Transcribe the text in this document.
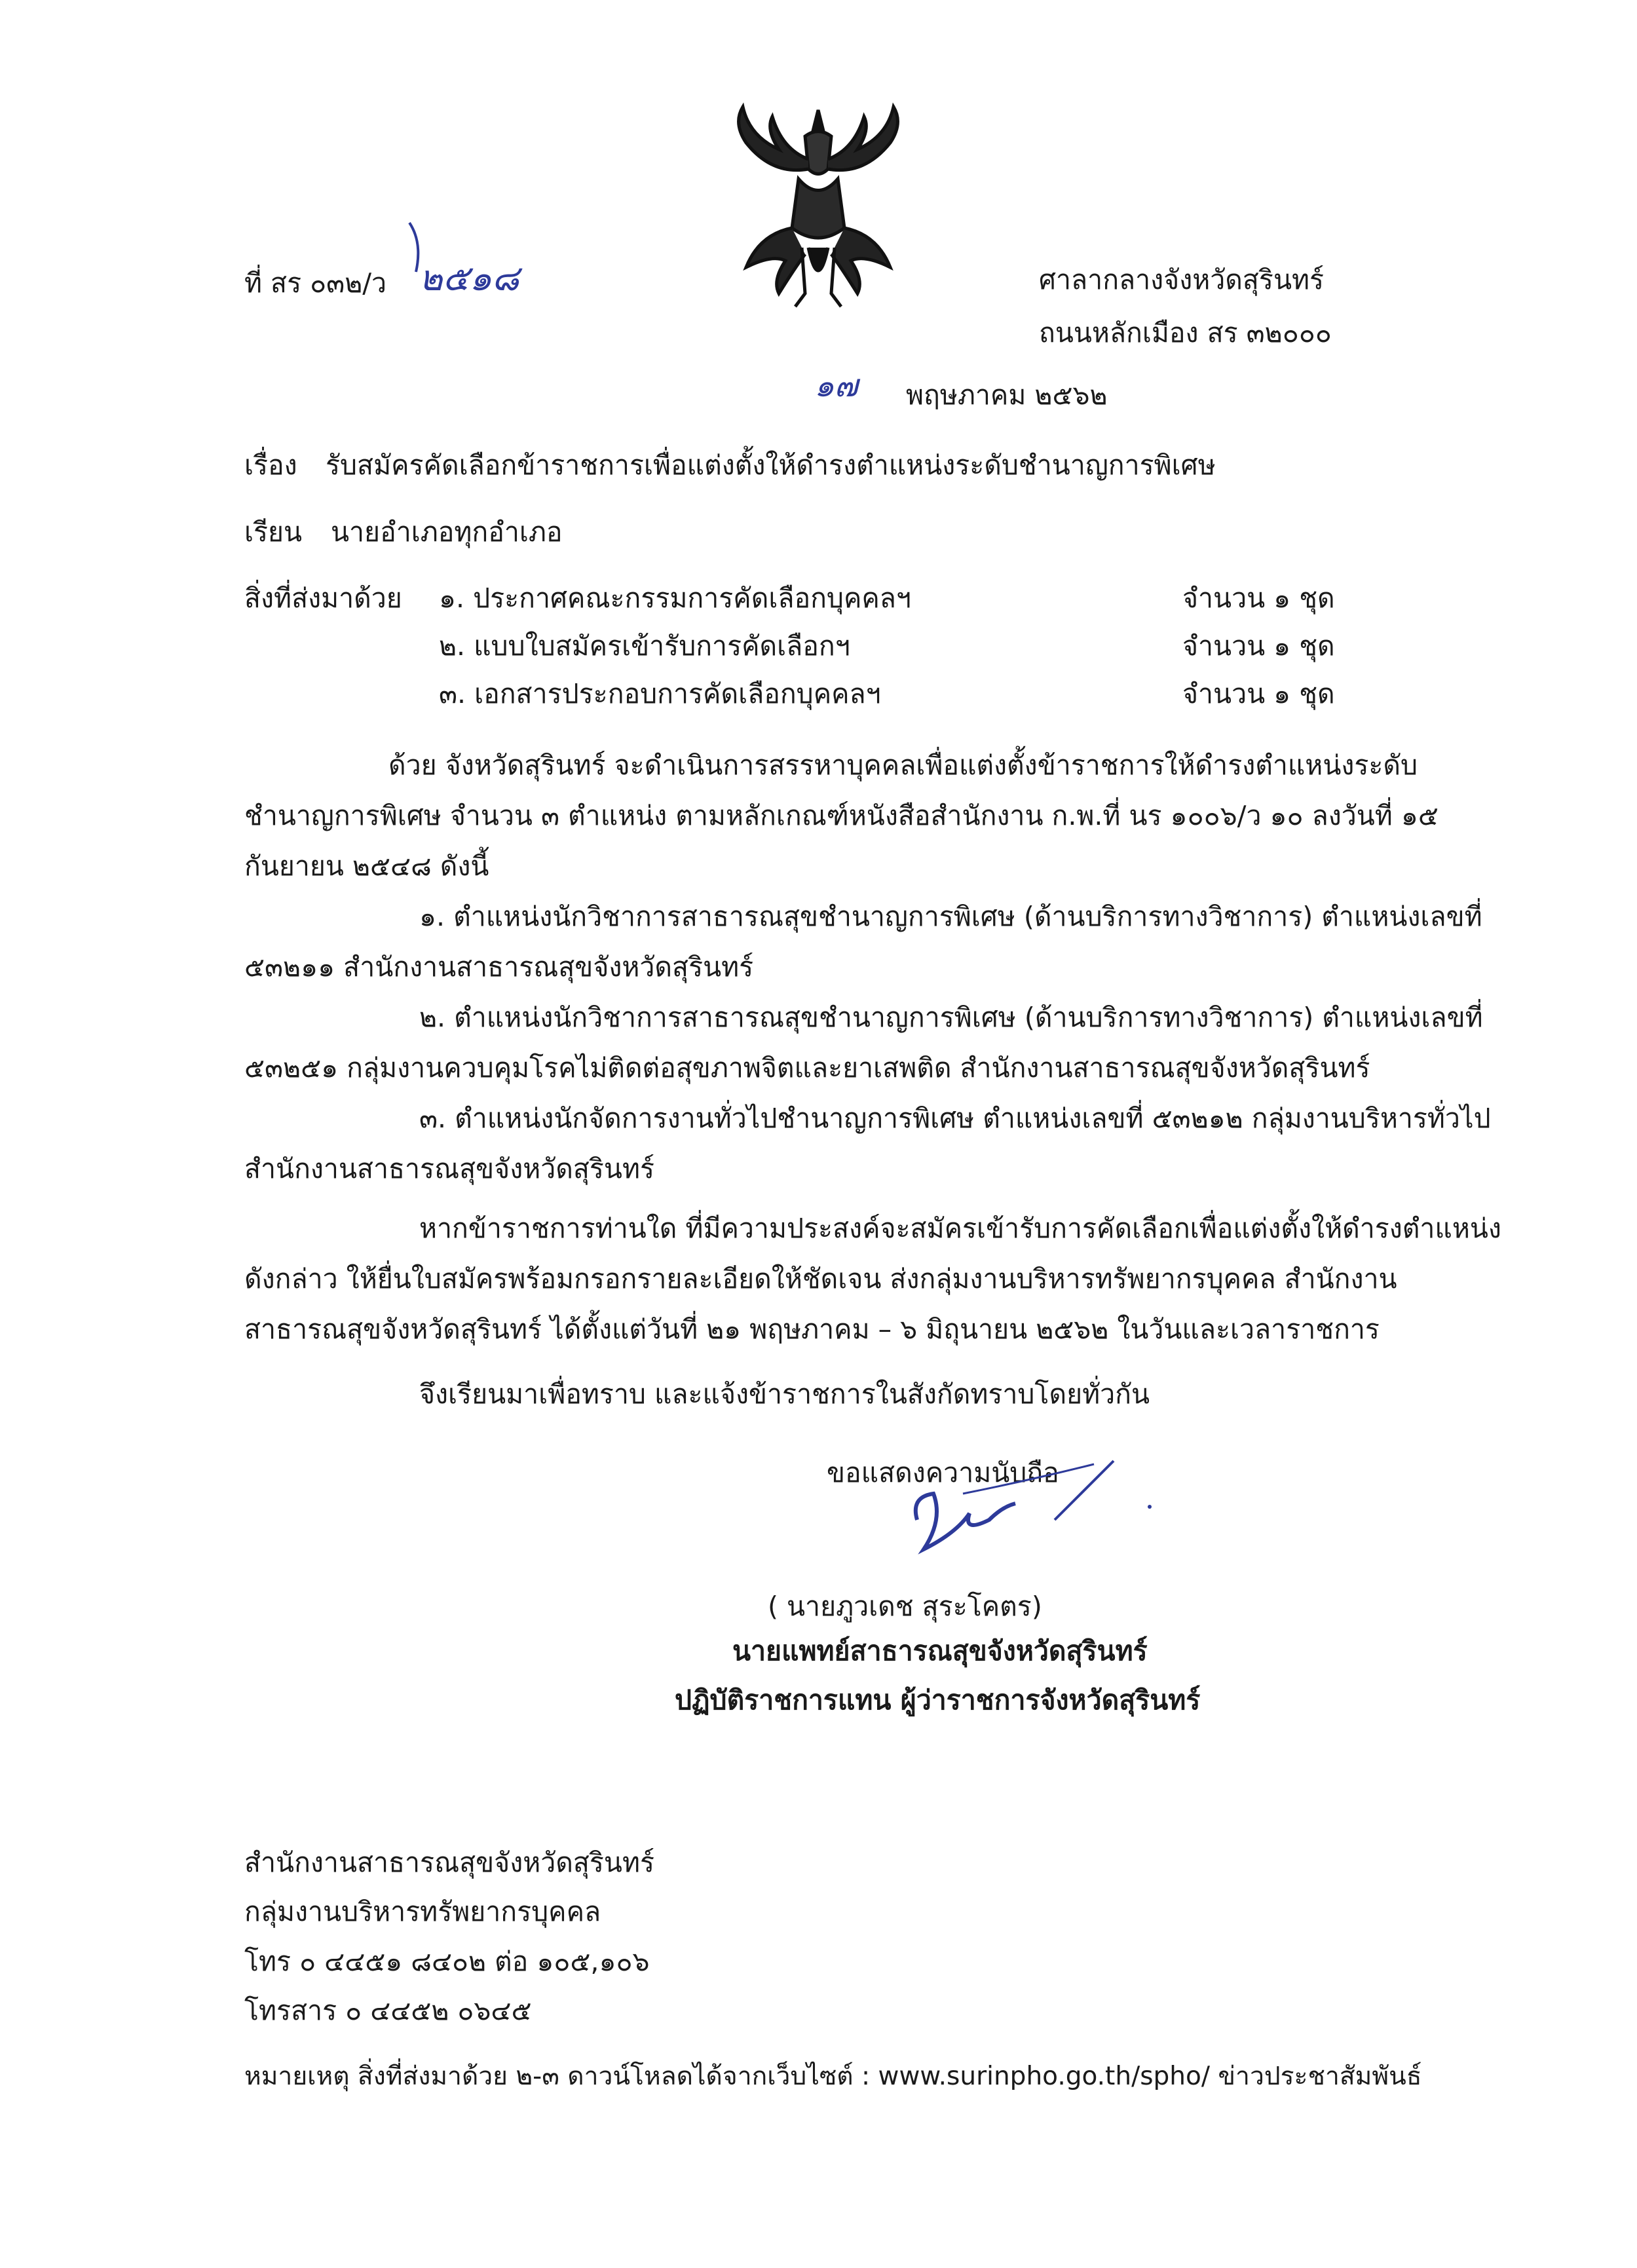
ที่ สร ๐๓๒/ว ๒๕๑๘	ศาลากลางจังหวัดสุรินทร์
ถนนหลักเมือง สร ๓๒๐๐๐
๑๗ พฤษภาคม ๒๕๖๒
เรื่อง รับสมัครคัดเลือกข้าราชการเพื่อแต่งตั้งให้ดำรงตำแหน่งระดับชำนาญการพิเศษ
เรียน นายอำเภอทุกอำเภอ
สิ่งที่ส่งมาด้วย ๑. ประกาศคณะกรรมการคัดเลือกบุคคลฯ	จำนวน ๑ ชุด
๒. แบบใบสมัครเข้ารับการคัดเลือกฯ	จำนวน ๑ ชุด
๓. เอกสารประกอบการคัดเลือกบุคคลฯ	จำนวน ๑ ชุด
ด้วย จังหวัดสุรินทร์ จะดำเนินการสรรหาบุคคลเพื่อแต่งตั้งข้าราชการให้ดำรงตำแหน่งระดับ
ชำนาญการพิเศษ จำนวน ๓ ตำแหน่ง ตามหลักเกณฑ์หนังสือสำนักงาน ก.พ.ที่ นร ๑๐๐๖/ว ๑๐ ลงวันที่ ๑๕
กันยายน ๒๕๔๘ ดังนี้
๑. ตำแหน่งนักวิชาการสาธารณสุขชำนาญการพิเศษ (ด้านบริการทางวิชาการ) ตำแหน่งเลขที่
๕๓๒๑๑ สำนักงานสาธารณสุขจังหวัดสุรินทร์
๒. ตำแหน่งนักวิชาการสาธารณสุขชำนาญการพิเศษ (ด้านบริการทางวิชาการ) ตำแหน่งเลขที่
๕๓๒๕๑ กลุ่มงานควบคุมโรคไม่ติดต่อสุขภาพจิตและยาเสพติด สำนักงานสาธารณสุขจังหวัดสุรินทร์
๓. ตำแหน่งนักจัดการงานทั่วไปชำนาญการพิเศษ ตำแหน่งเลขที่ ๕๓๒๑๒ กลุ่มงานบริหารทั่วไป
สำนักงานสาธารณสุขจังหวัดสุรินทร์
หากข้าราชการท่านใด ที่มีความประสงค์จะสมัครเข้ารับการคัดเลือกเพื่อแต่งตั้งให้ดำรงตำแหน่ง
ดังกล่าว ให้ยื่นใบสมัครพร้อมกรอกรายละเอียดให้ชัดเจน ส่งกลุ่มงานบริหารทรัพยากรบุคคล สำนักงาน
สาธารณสุขจังหวัดสุรินทร์ ได้ตั้งแต่วันที่ ๒๑ พฤษภาคม – ๖ มิถุนายน ๒๕๖๒ ในวันและเวลาราชการ
จึงเรียนมาเพื่อทราบ และแจ้งข้าราชการในสังกัดทราบโดยทั่วกัน
ขอแสดงความนับถือ
( นายภูวเดช สุระโคตร)
นายแพทย์สาธารณสุขจังหวัดสุรินทร์
ปฏิบัติราชการแทน ผู้ว่าราชการจังหวัดสุรินทร์
สำนักงานสาธารณสุขจังหวัดสุรินทร์
กลุ่มงานบริหารทรัพยากรบุคคล
โทร ๐ ๔๔๕๑ ๘๔๐๒ ต่อ ๑๐๕,๑๐๖
โทรสาร ๐ ๔๔๕๒ ๐๖๔๕
หมายเหตุ สิ่งที่ส่งมาด้วย ๒-๓ ดาวน์โหลดได้จากเว็บไซต์ : www.surinpho.go.th/spho/ ข่าวประชาสัมพันธ์
